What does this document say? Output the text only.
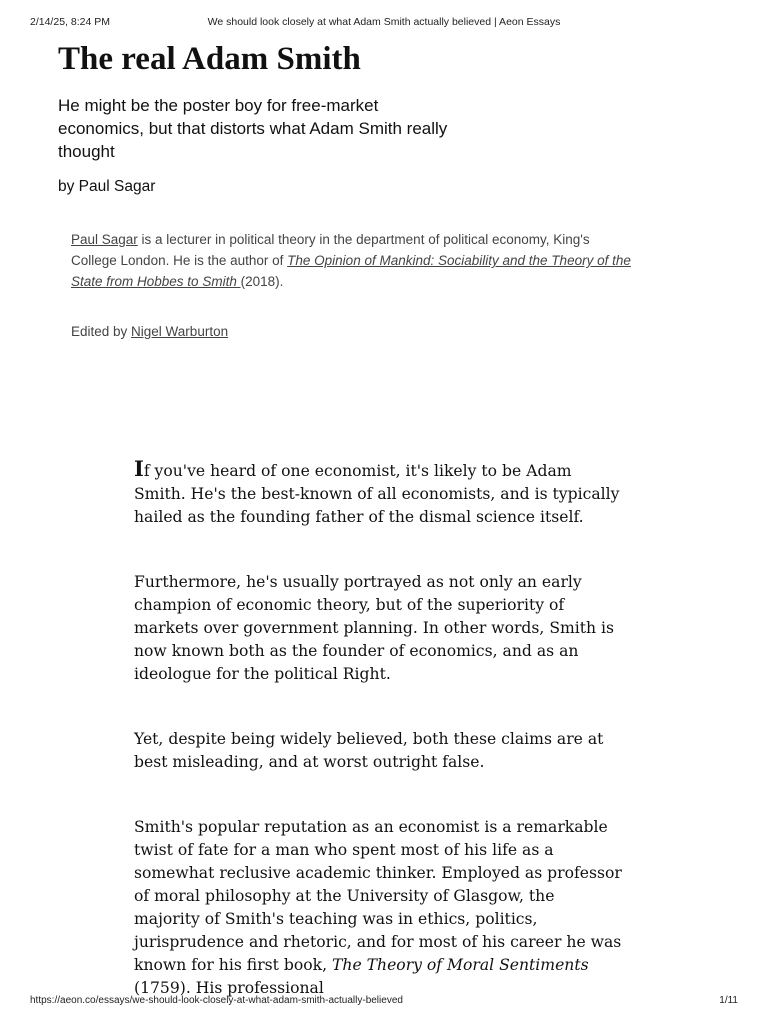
2/14/25, 8:24 PM	We should look closely at what Adam Smith actually believed | Aeon Essays
The real Adam Smith

He might be the poster boy for free-market economics, but that distorts what Adam Smith really thought

by Paul Sagar

Paul Sagar is a lecturer in political theory in the department of political economy, King's College London. He is the author of The Opinion of Mankind: Sociability and the Theory of the State from Hobbes to Smith (2018).

Edited by Nigel Warburton

If you've heard of one economist, it's likely to be Adam Smith. He's the best-known of all economists, and is typically hailed as the founding father of the dismal science itself.

Furthermore, he's usually portrayed as not only an early champion of economic theory, but of the superiority of markets over government planning. In other words, Smith is now known both as the founder of economics, and as an ideologue for the political Right.

Yet, despite being widely believed, both these claims are at best misleading, and at worst outright false.

Smith's popular reputation as an economist is a remarkable twist of fate for a man who spent most of his life as a somewhat reclusive academic thinker. Employed as professor of moral philosophy at the University of Glasgow, the majority of Smith's teaching was in ethics, politics, jurisprudence and rhetoric, and for most of his career he was known for his first book, The Theory of Moral Sentiments (1759). His professional

https://aeon.co/essays/we-should-look-closely-at-what-adam-smith-actually-believed	1/11
